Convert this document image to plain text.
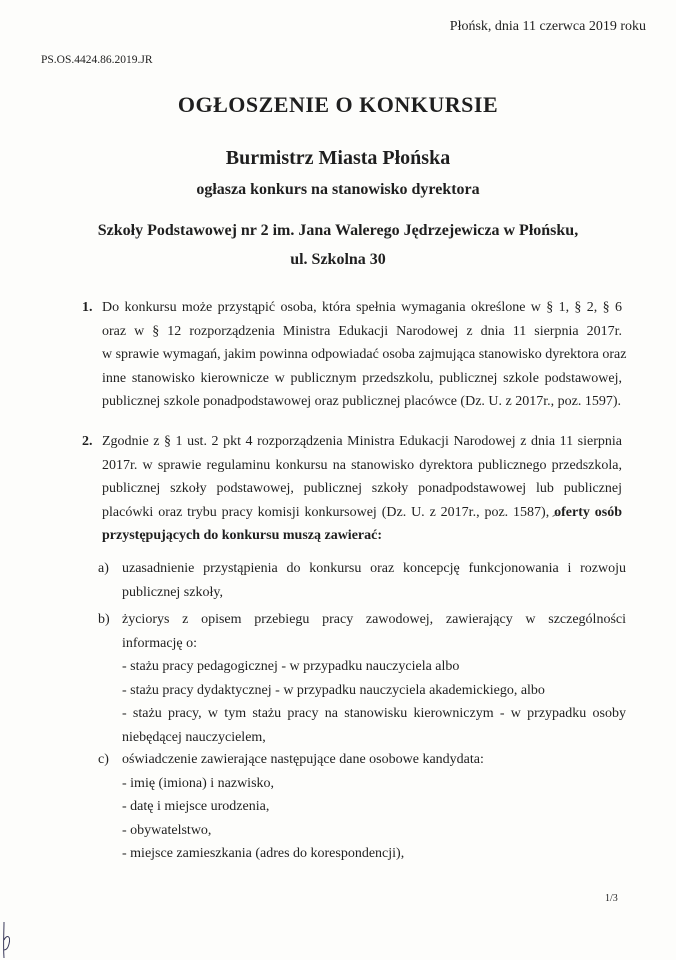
Płońsk, dnia 11 czerwca 2019 roku
PS.OS.4424.86.2019.JR
OGŁOSZENIE O KONKURSIE
Burmistrz Miasta Płońska
ogłasza konkurs na stanowisko dyrektora
Szkoły Podstawowej nr 2 im. Jana Walerego Jędrzejewicza w Płońsku,
ul. Szkolna 30
1. Do konkursu może przystąpić osoba, która spełnia wymagania określone w § 1, § 2, § 6
oraz w § 12 rozporządzenia Ministra Edukacji Narodowej z dnia 11 sierpnia 2017r.
w sprawie wymagań, jakim powinna odpowiadać osoba zajmująca stanowisko dyrektora oraz
inne stanowisko kierownicze w publicznym przedszkolu, publicznej szkole podstawowej,
publicznej szkole ponadpodstawowej oraz publicznej placówce (Dz. U. z 2017r., poz. 1597).
2. Zgodnie z § 1 ust. 2 pkt 4 rozporządzenia Ministra Edukacji Narodowej z dnia 11 sierpnia
2017r. w sprawie regulaminu konkursu na stanowisko dyrektora publicznego przedszkola,
publicznej szkoły podstawowej, publicznej szkoły ponadpodstawowej lub publicznej
placówki oraz trybu pracy komisji konkursowej (Dz. U. z 2017r., poz. 1587), oferty osób
przystępujących do konkursu muszą zawierać:
a) uzasadnienie przystąpienia do konkursu oraz koncepcję funkcjonowania i rozwoju
publicznej szkoły,
b) życiorys z opisem przebiegu pracy zawodowej, zawierający w szczególności
informację o:
- stażu pracy pedagogicznej - w przypadku nauczyciela albo
- stażu pracy dydaktycznej - w przypadku nauczyciela akademickiego, albo
- stażu pracy, w tym stażu pracy na stanowisku kierowniczym - w przypadku osoby
niebędącej nauczycielem,
c) oświadczenie zawierające następujące dane osobowe kandydata:
- imię (imiona) i nazwisko,
- datę i miejsce urodzenia,
- obywatelstwo,
- miejsce zamieszkania (adres do korespondencji),
1/3
